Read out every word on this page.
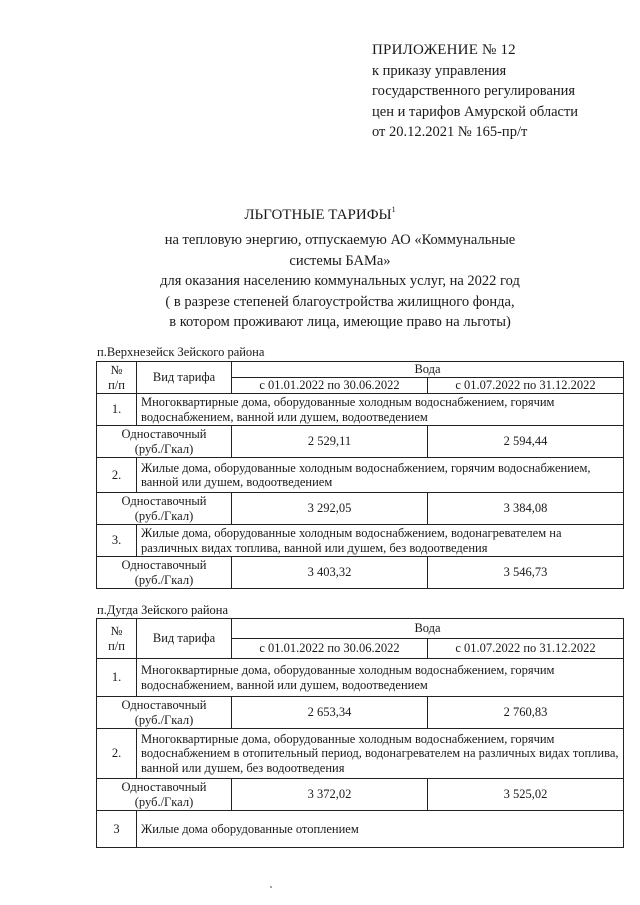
ПРИЛОЖЕНИЕ № 12
к приказу управления
государственного регулирования
цен и тарифов Амурской области
от 20.12.2021 № 165-пр/т
ЛЬГОТНЫЕ ТАРИФЫ$^1$
на тепловую энергию, отпускаемую АО «Коммунальные
системы БАМа»
для оказания населению коммунальных услуг, на 2022 год
( в разрезе степеней благоустройства жилищного фонда,
в котором проживают лица, имеющие право на льготы)
п.Верхнезейск Зейского района
№
п/п	Вид тарифа	Вода	
		с 01.01.2022 по 30.06.2022	с 01.07.2022 по 31.12.2022
1.	Многоквартирные дома, оборудованные холодным водоснабжением, горячим водоснабжением, ванной или душем, водоотведением		
Одноставочный
(руб./Гкал)		2 529,11	2 594,44
2.	Жилые дома, оборудованные холодным водоснабжением, горячим водоснабжением, ванной или душем, водоотведением		
Одноставочный
(руб./Гкал)		3 292,05	3 384,08
3.	Жилые дома, оборудованные холодным водоснабжением, водонагревателем на различных видах топлива, ванной или душем, без водоотведения		
Одноставочный
(руб./Гкал)		3 403,32	3 546,73
п.Дугда Зейского района
№
п/п	Вид тарифа	Вода	
		с 01.01.2022 по 30.06.2022	с 01.07.2022 по 31.12.2022
1.	Многоквартирные дома, оборудованные холодным водоснабжением, горячим водоснабжением, ванной или душем, водоотведением		
Одноставочный
(руб./Гкал)		2 653,34	2 760,83
2.	Многоквартирные дома, оборудованные холодным водоснабжением, горячим водоснабжением в отопительный период, водонагревателем на различных видах топлива, ванной или душем, без водоотведения		
Одноставочный
(руб./Гкал)		3 372,02	3 525,02
3	Жилые дома оборудованные отоплением		
